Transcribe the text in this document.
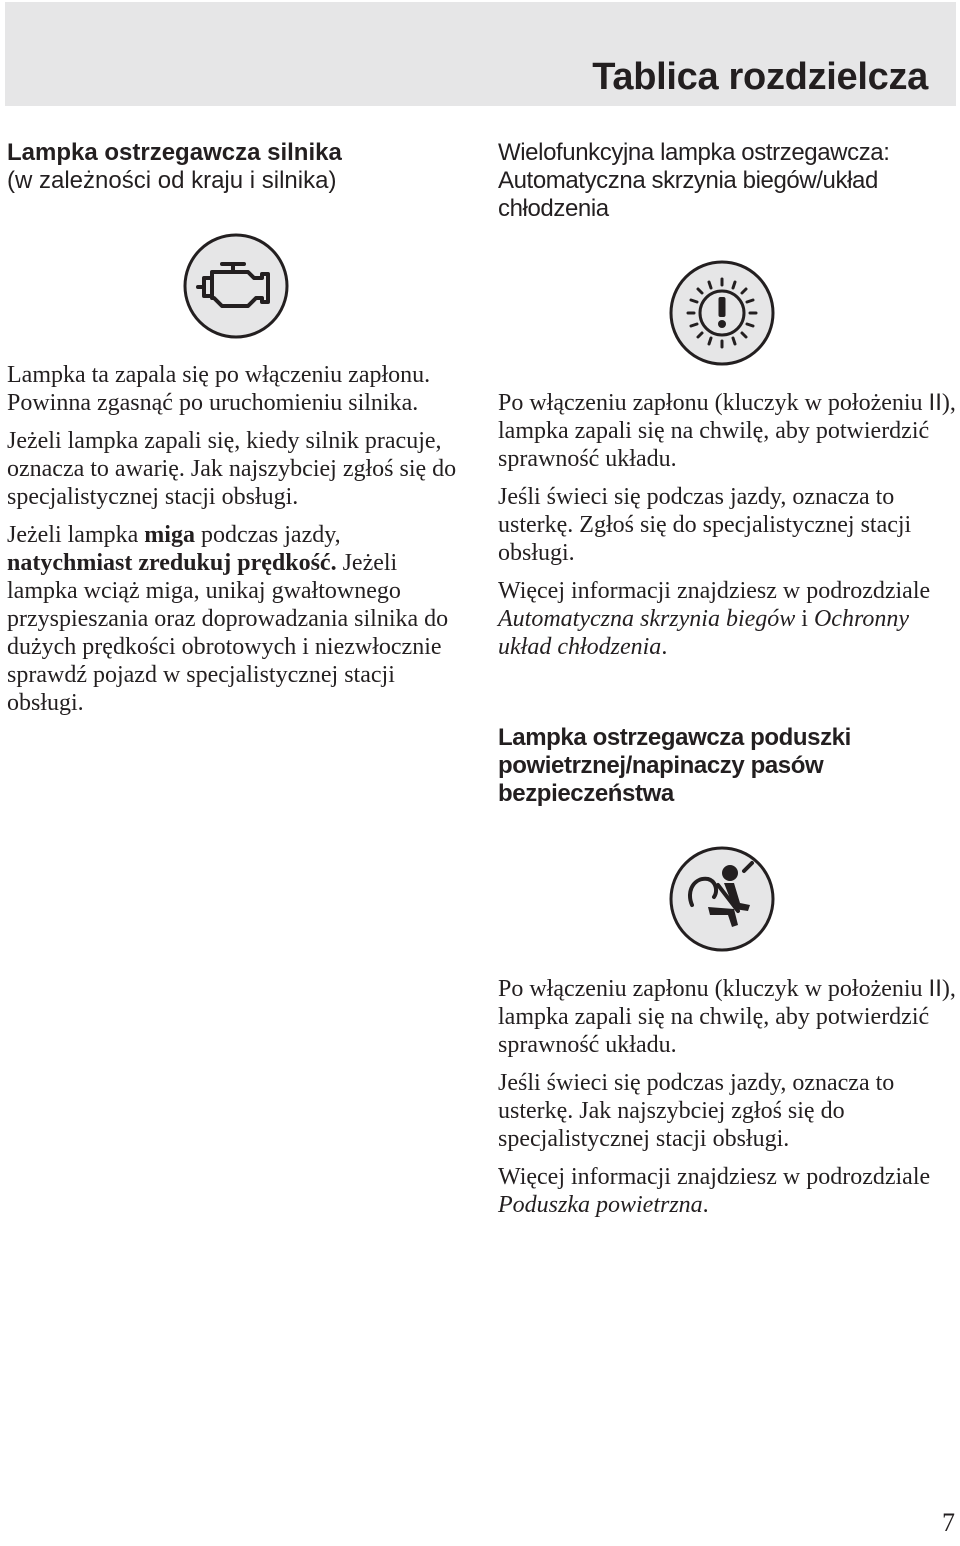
Tablica rozdzielcza
Lampka ostrzegawcza silnika
(w zależności od kraju i silnika)

Lampka ta zapala się po włączeniu zapłonu. Powinna zgasnąć po uruchomieniu silnika.

Jeżeli lampka zapali się, kiedy silnik pracuje, oznacza to awarię. Jak najszybciej zgłoś się do specjalistycznej stacji obsługi.

Jeżeli lampka miga podczas jazdy, natychmiast zredukuj prędkość. Jeżeli lampka wciąż miga, unikaj gwałtownego przyspieszania oraz doprowadzania silnika do dużych prędkości obrotowych i niezwłocznie sprawdź pojazd w specjalistycznej stacji obsługi.

Wielofunkcyjna lampka ostrzegawcza: Automatyczna skrzynia biegów/układ chłodzenia

Po włączeniu zapłonu (kluczyk w położeniu II), lampka zapali się na chwilę, aby potwierdzić sprawność układu.

Jeśli świeci się podczas jazdy, oznacza to usterkę. Zgłoś się do specjalistycznej stacji obsługi.

Więcej informacji znajdziesz w podrozdziale Automatyczna skrzynia biegów i Ochronny układ chłodzenia.

Lampka ostrzegawcza poduszki powietrznej/napinaczy pasów bezpieczeństwa

Po włączeniu zapłonu (kluczyk w położeniu II), lampka zapali się na chwilę, aby potwierdzić sprawność układu.

Jeśli świeci się podczas jazdy, oznacza to usterkę. Jak najszybciej zgłoś się do specjalistycznej stacji obsługi.

Więcej informacji znajdziesz w podrozdziale Poduszka powietrzna.

7
